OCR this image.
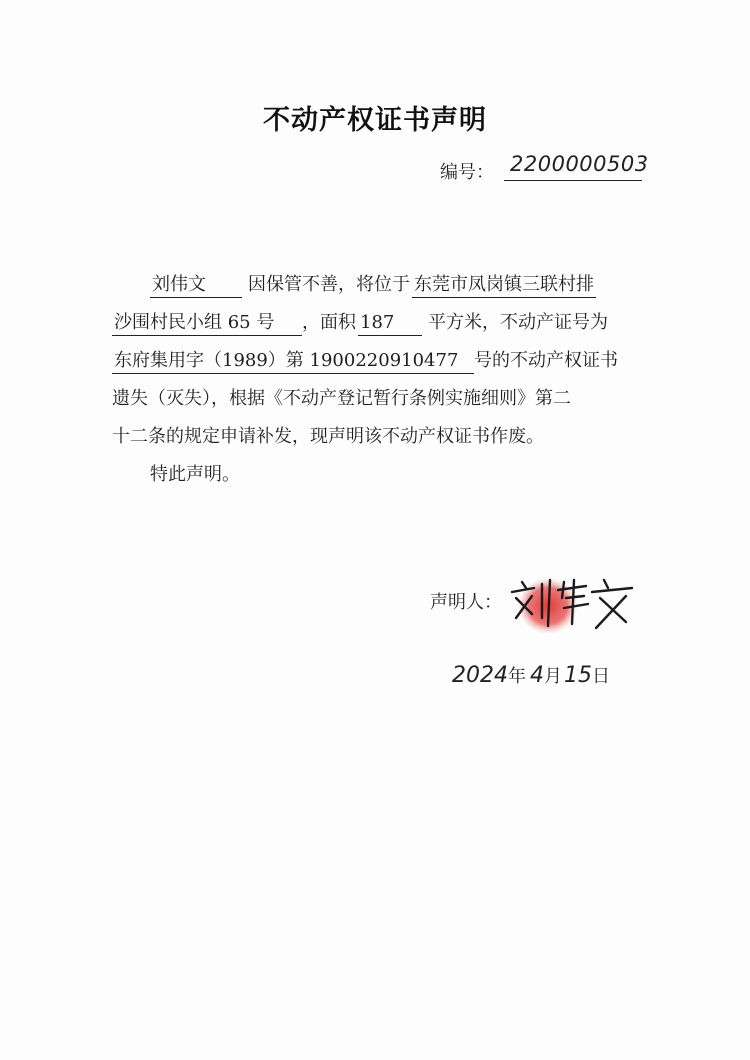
不动产权证书声明
编号： 2200000503
刘伟文 因保管不善，将位于 东莞市凤岗镇三联村排
沙围村民小组 65 号 ，面积 187 平方米，不动产证号为
东府集用字（1989）第 1900220910477 号的不动产权证书
遗失（灭失），根据《不动产登记暂行条例实施细则》第二
十二条的规定申请补发，现声明该不动产权证书作废。
特此声明。
声明人：
2024年 4月15日
